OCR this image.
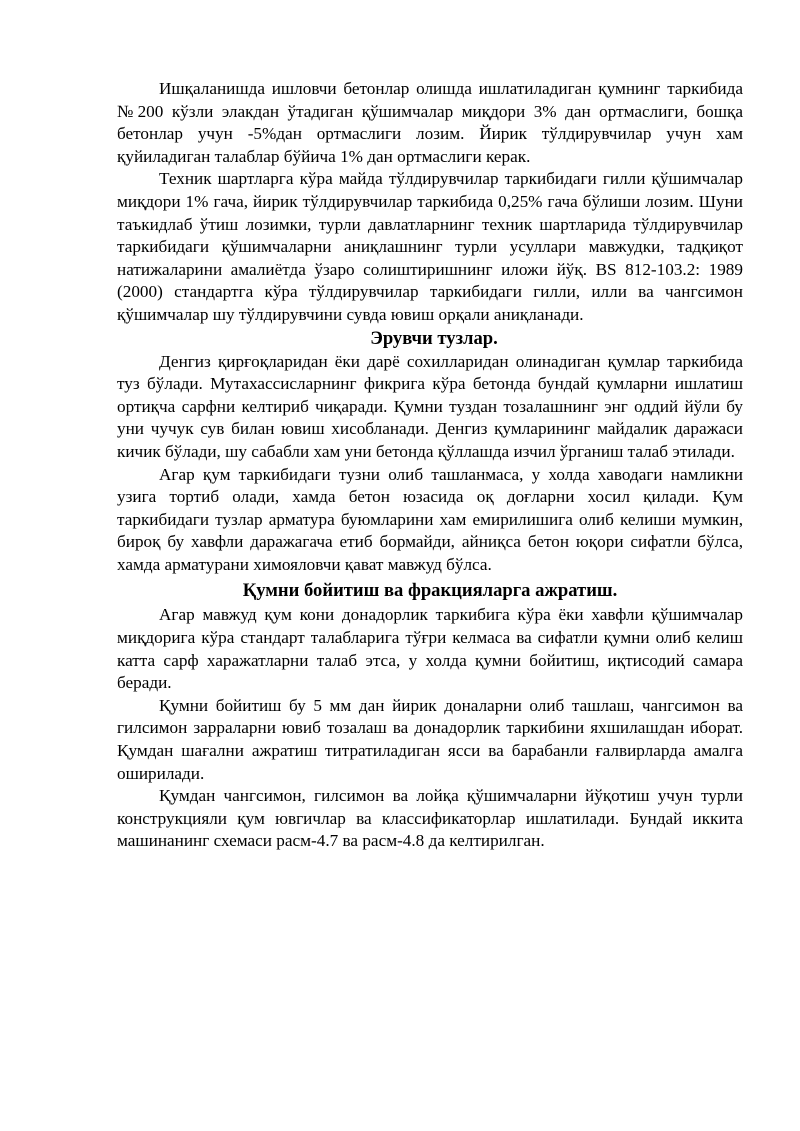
Ишқаланишда ишловчи бетонлар олишда ишлатиладиган қумнинг таркибида №200 кўзли элакдан ўтадиган қўшимчалар миқдори 3% дан ортмаслиги, бошқа бетонлар учун -5%дан ортмаслиги лозим. Йирик тўлдирувчилар учун хам қуйиладиган талаблар бўйича 1% дан ортмаслиги керак.

Техник шартларга кўра майда тўлдирувчилар таркибидаги гилли қўшимчалар миқдори 1% гача, йирик тўлдирувчилар таркибида 0,25% гача бўлиши лозим. Шуни таъкидлаб ўтиш лозимки, турли давлатларнинг техник шартларида тўлдирувчилар таркибидаги қўшимчаларни аниқлашнинг турли усуллари мавжудки, тадқиқот натижаларини амалиётда ўзаро солиштиришнинг иложи йўқ. BS 812-103.2: 1989 (2000) стандартга кўра тўлдирувчилар таркибидаги гилли, илли ва чангсимон қўшимчалар шу тўлдирувчини сувда ювиш орқали аниқланади.

Эрувчи тузлар.

Денгиз қирғоқларидан ёки дарё сохилларидан олинадиган қумлар таркибида туз бўлади. Мутахассисларнинг фикрига кўра бетонда бундай қумларни ишлатиш ортиқча сарфни келтириб чиқаради. Қумни туздан тозалашнинг энг оддий йўли бу уни чучук сув билан ювиш хисобланади. Денгиз қумларининг майдалик даражаси кичик бўлади, шу сабабли хам уни бетонда қўллашда изчил ўрганиш талаб этилади.

Агар қум таркибидаги тузни олиб ташланмаса, у холда хаводаги намликни узига тортиб олади, хамда бетон юзасида оқ доғларни хосил қилади. Қум таркибидаги тузлар арматура буюмларини хам емирилишига олиб келиши мумкин, бироқ бу хавфли даражагача етиб бормайди, айниқса бетон юқори сифатли бўлса, хамда арматурани химояловчи қават мавжуд бўлса.

Қумни бойитиш ва фракцияларга ажратиш.

Агар мавжуд қум кони донадорлик таркибига кўра ёки хавфли қўшимчалар миқдорига кўра стандарт талабларига тўғри келмаса ва сифатли қумни олиб келиш катта сарф харажатларни талаб этса, у холда қумни бойитиш, иқтисодий самара беради.

Қумни бойитиш бу 5 мм дан йирик доналарни олиб ташлаш, чангсимон ва гилсимон зарраларни ювиб тозалаш ва донадорлик таркибини яхшилашдан иборат. Қумдан шағални ажратиш титратиладиган ясси ва барабанли ғалвирларда амалга оширилади.

Қумдан чангсимон, гилсимон ва лойқа қўшимчаларни йўқотиш учун турли конструкцияли қум ювгичлар ва классификаторлар ишлатилади. Бундай иккита машинанинг схемаси расм-4.7 ва расм-4.8 да келтирилган.
